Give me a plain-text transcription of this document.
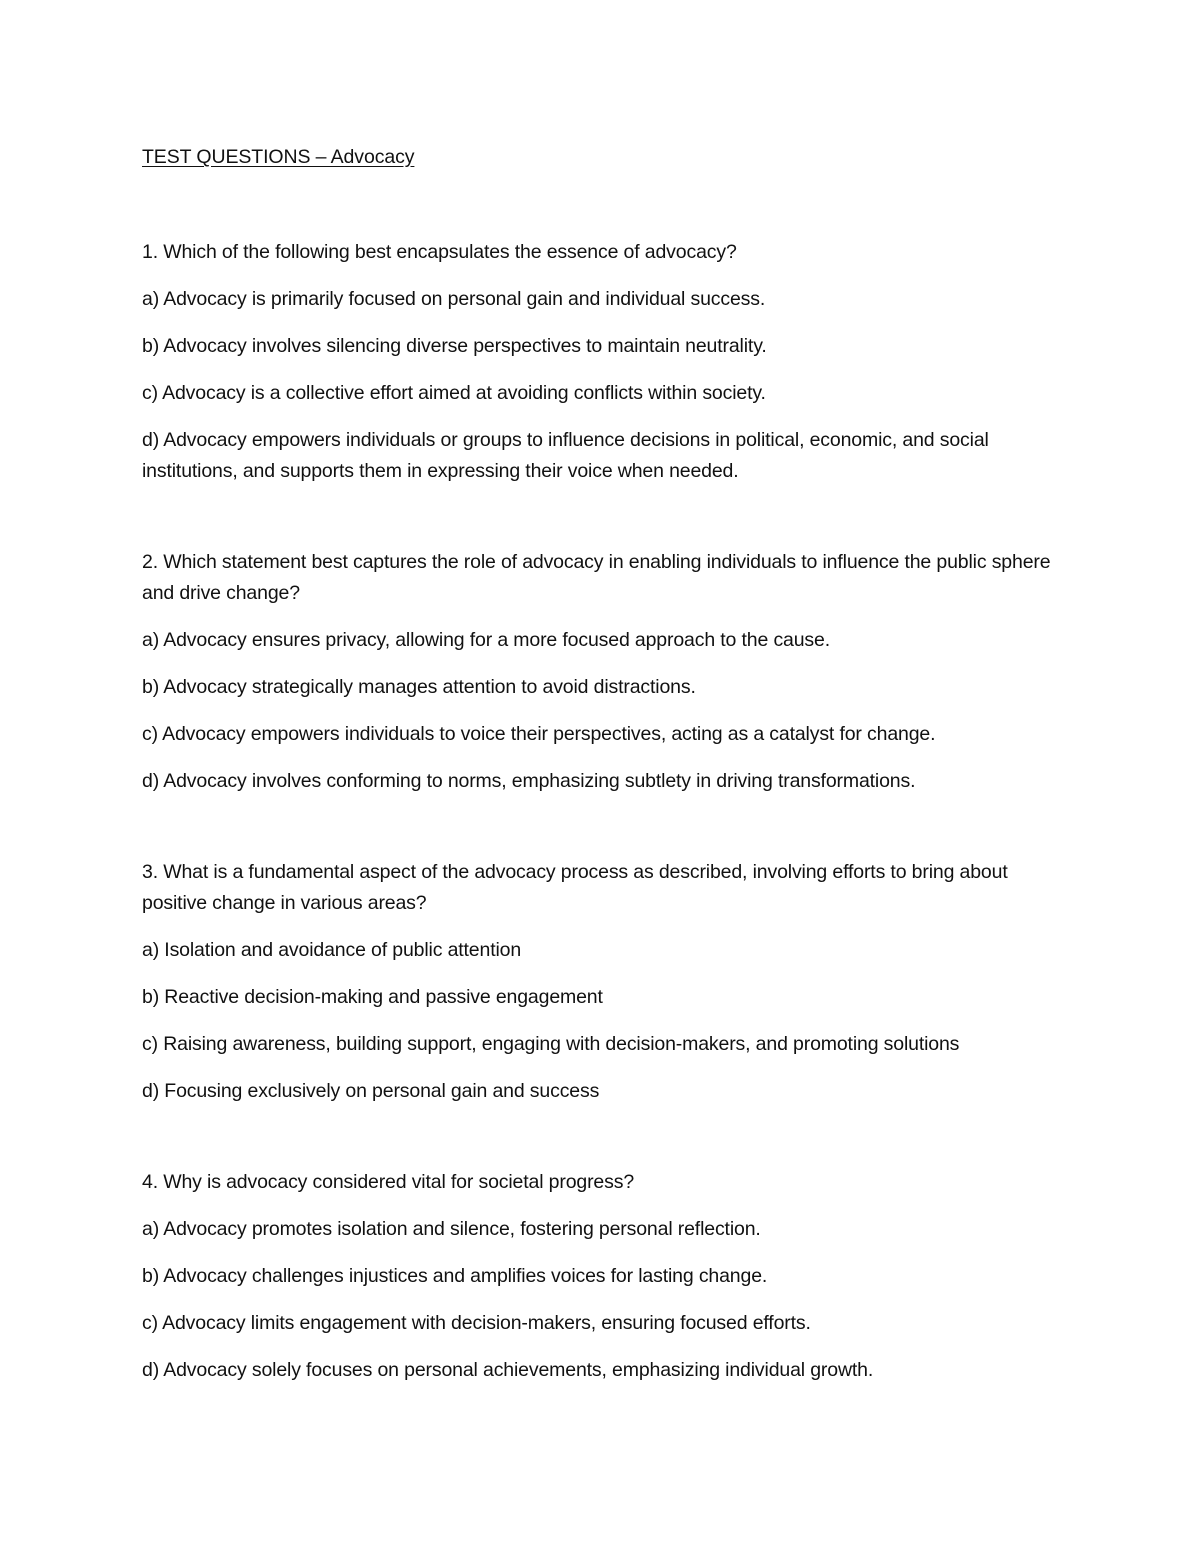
TEST QUESTIONS – Advocacy

1. Which of the following best encapsulates the essence of advocacy?

a) Advocacy is primarily focused on personal gain and individual success.

b) Advocacy involves silencing diverse perspectives to maintain neutrality.

c) Advocacy is a collective effort aimed at avoiding conflicts within society.

d) Advocacy empowers individuals or groups to influence decisions in political, economic, and social institutions, and supports them in expressing their voice when needed.

2. Which statement best captures the role of advocacy in enabling individuals to influence the public sphere and drive change?

a) Advocacy ensures privacy, allowing for a more focused approach to the cause.

b) Advocacy strategically manages attention to avoid distractions.

c) Advocacy empowers individuals to voice their perspectives, acting as a catalyst for change.

d) Advocacy involves conforming to norms, emphasizing subtlety in driving transformations.

3. What is a fundamental aspect of the advocacy process as described, involving efforts to bring about positive change in various areas?

a) Isolation and avoidance of public attention

b) Reactive decision-making and passive engagement

c) Raising awareness, building support, engaging with decision-makers, and promoting solutions

d) Focusing exclusively on personal gain and success

4. Why is advocacy considered vital for societal progress?

a) Advocacy promotes isolation and silence, fostering personal reflection.

b) Advocacy challenges injustices and amplifies voices for lasting change.

c) Advocacy limits engagement with decision-makers, ensuring focused efforts.

d) Advocacy solely focuses on personal achievements, emphasizing individual growth.
